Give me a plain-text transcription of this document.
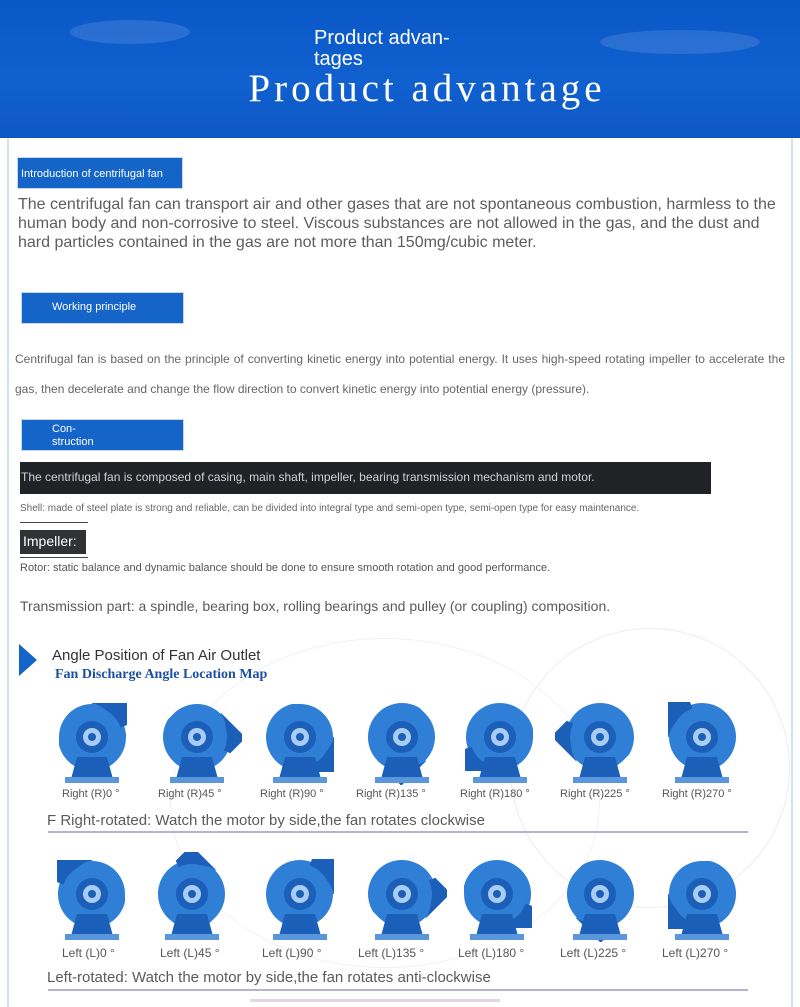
Product advan-
tages
Product advantage
Introduction of centrifugal fan
The centrifugal fan can transport air and other gases that are not spontaneous combustion, harmless to the human body and non-corrosive to steel. Viscous substances are not allowed in the gas, and the dust and hard particles contained in the gas are not more than 150mg/cubic meter.
Working principle
Centrifugal fan is based on the principle of converting kinetic energy into potential energy. It uses high-speed rotating impeller to accelerate the gas, then decelerate and change the flow direction to convert kinetic energy into potential energy (pressure).
Con-
struction
The centrifugal fan is composed of casing, main shaft, impeller, bearing transmission mechanism and motor.
Shell: made of steel plate is strong and reliable, can be divided into integral type and semi-open type, semi-open type for easy maintenance.
Impeller:
Rotor: static balance and dynamic balance should be done to ensure smooth rotation and good performance.
Transmission part: a spindle, bearing box, rolling bearings and pulley (or coupling) composition.
Angle Position of Fan Air Outlet
Fan Discharge Angle Location Map
Right (R)0 °	Right (R)45 °	Right (R)90 °	Right (R)135 °	Right (R)180 °	Right (R)225 °	Right (R)270 °
F Right-rotated: Watch the motor by side,the fan rotates clockwise
Left (L)0 °	Left (L)45 °	Left (L)90 °	Left (L)135 °	Left (L)180 °	Left (L)225 °	Left (L)270 °
Left-rotated: Watch the motor by side,the fan rotates anti-clockwise
